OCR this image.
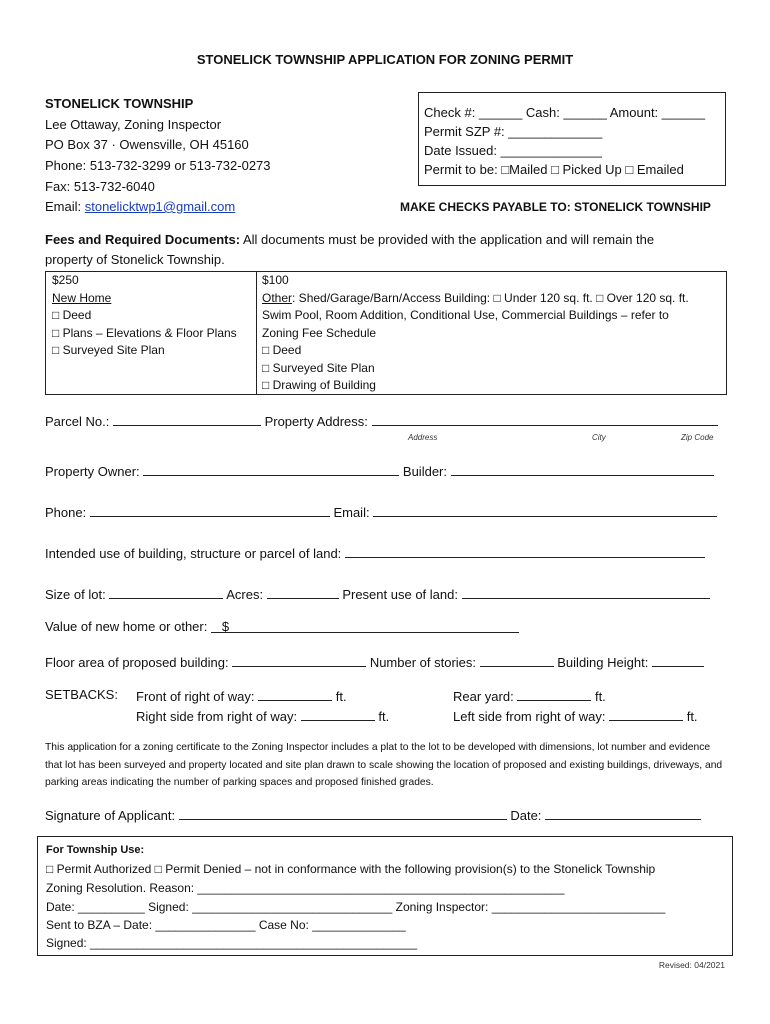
STONELICK TOWNSHIP APPLICATION FOR ZONING PERMIT
STONELICK TOWNSHIP
Lee Ottaway, Zoning Inspector
PO Box 37 · Owensville, OH 45160
Phone: 513-732-3299 or 513-732-0273
Fax: 513-732-6040
Email: stonelicktwp1@gmail.com
Check #: ______ Cash: ______ Amount: ______
Permit SZP #: _____________
Date Issued: ______________
Permit to be: □Mailed □ Picked Up □ Emailed
MAKE CHECKS PAYABLE TO: STONELICK TOWNSHIP
Fees and Required Documents: All documents must be provided with the application and will remain the
property of Stonelick Township.
$250
New Home
□ Deed
□ Plans – Elevations & Floor Plans
□ Surveyed Site Plan
$100
Other: Shed/Garage/Barn/Access Building: □ Under 120 sq. ft. □ Over 120 sq. ft.
Swim Pool, Room Addition, Conditional Use, Commercial Buildings – refer to
Zoning Fee Schedule
□ Deed
□ Surveyed Site Plan
□ Drawing of Building
Parcel No.:	Property Address:
Address	City	Zip Code
Property Owner:	Builder:
Phone:	Email:
Intended use of building, structure or parcel of land:
Size of lot:	Acres:	Present use of land:
Value of new home or other: $
Floor area of proposed building:	Number of stories:	Building Height:
SETBACKS: Front of right of way:	ft.	Rear yard:	ft.
Right side from right of way:	ft.	Left side from right of way:	ft.
This application for a zoning certificate to the Zoning Inspector includes a plat to the lot to be developed with dimensions, lot number and evidence that lot has been surveyed and property located and site plan drawn to scale showing the location of proposed and existing buildings, driveways, and parking areas indicating the number of parking spaces and proposed finished grades.
Signature of Applicant:	Date:
For Township Use:
□ Permit Authorized □ Permit Denied – not in conformance with the following provision(s) to the Stonelick Township
Zoning Resolution. Reason: _______________________________________________________
Date: __________ Signed: ______________________________ Zoning Inspector: __________________________
Sent to BZA – Date: _______________ Case No: ______________
Signed: _________________________________________________
Revised: 04/2021
